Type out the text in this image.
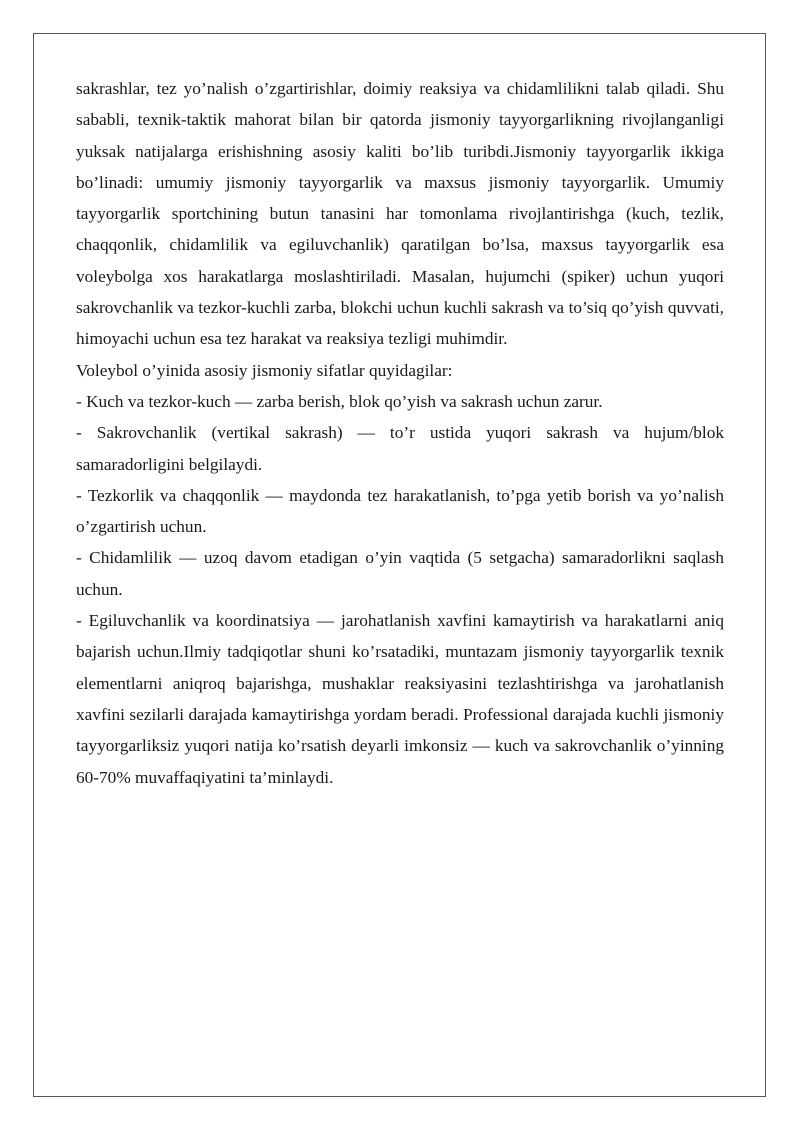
sakrashlar, tez yo’nalish o’zgartirishlar, doimiy reaksiya va chidamlilikni talab qiladi. Shu sababli, texnik-taktik mahorat bilan bir qatorda jismoniy tayyorgarlikning rivojlanganligi yuksak natijalarga erishishning asosiy kaliti bo’lib turibdi.Jismoniy tayyorgarlik ikkiga bo’linadi: umumiy jismoniy tayyorgarlik va maxsus jismoniy tayyorgarlik. Umumiy tayyorgarlik sportchining butun tanasini har tomonlama rivojlantirishga (kuch, tezlik, chaqqonlik, chidamlilik va egiluvchanlik) qaratilgan bo’lsa, maxsus tayyorgarlik esa voleybolga xos harakatlarga moslashtiriladi. Masalan, hujumchi (spiker) uchun yuqori sakrovchanlik va tezkor-kuchli zarba, blokchi uchun kuchli sakrash va to’siq qo’yish quvvati, himoyachi uchun esa tez harakat va reaksiya tezligi muhimdir.

Voleybol o’yinida asosiy jismoniy sifatlar quyidagilar:

- Kuch va tezkor-kuch — zarba berish, blok qo’yish va sakrash uchun zarur.

- Sakrovchanlik (vertikal sakrash) — to’r ustida yuqori sakrash va hujum/blok samaradorligini belgilaydi.

- Tezkorlik va chaqqonlik — maydonda tez harakatlanish, to’pga yetib borish va yo’nalish o’zgartirish uchun.

- Chidamlilik — uzoq davom etadigan o’yin vaqtida (5 setgacha) samaradorlikni saqlash uchun.

- Egiluvchanlik va koordinatsiya — jarohatlanish xavfini kamaytirish va harakatlarni aniq bajarish uchun.Ilmiy tadqiqotlar shuni ko’rsatadiki, muntazam jismoniy tayyorgarlik texnik elementlarni aniqroq bajarishga, mushaklar reaksiyasini tezlashtirishga va jarohatlanish xavfini sezilarli darajada kamaytirishga yordam beradi. Professional darajada kuchli jismoniy tayyorgarliksiz yuqori natija ko’rsatish deyarli imkonsiz — kuch va sakrovchanlik o’yinning 60-70% muvaffaqiyatini ta’minlaydi.
